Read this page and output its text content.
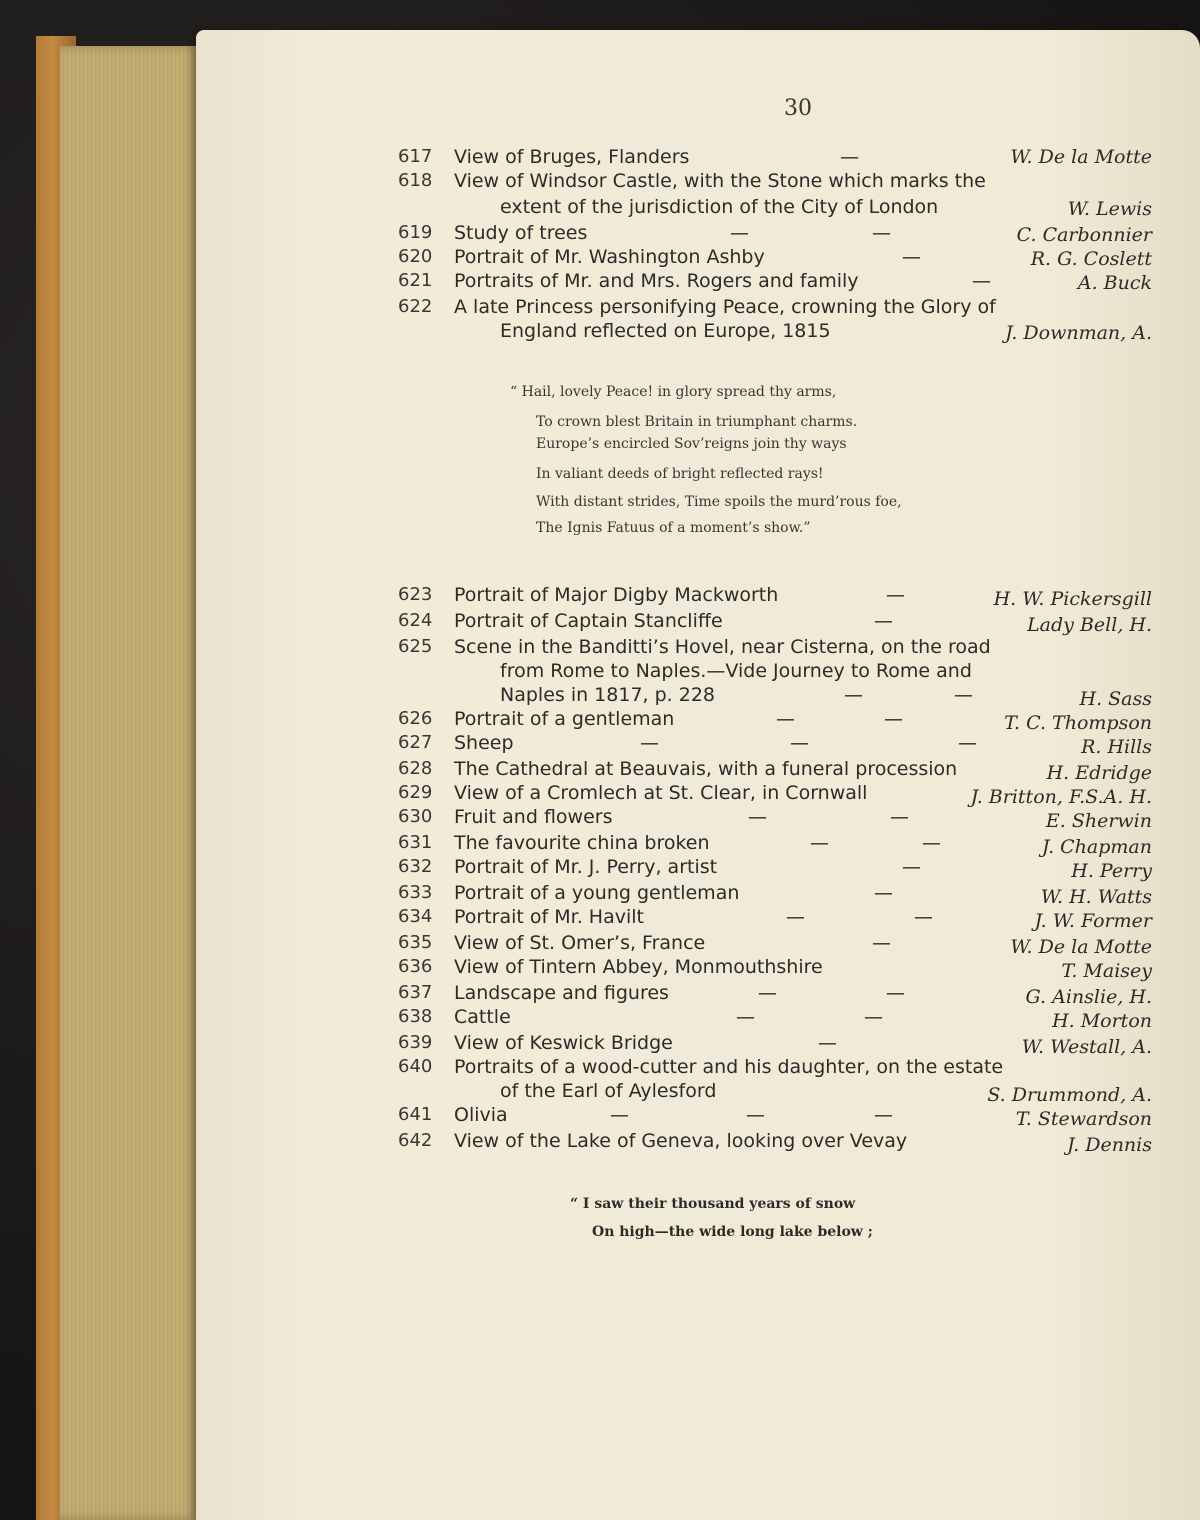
30
617 View of Bruges, Flanders	—	W. De la Motte
618 View of Windsor Castle, with the Stone which marks the
extent of the jurisdiction of the City of London	W. Lewis
619 Study of trees	—	—	C. Carbonnier
620 Portrait of Mr. Washington Ashby	—	R. G. Coslett
621 Portraits of Mr. and Mrs. Rogers and family	—	A. Buck
622 A late Princess personifying Peace, crowning the Glory of
England reflected on Europe, 1815	J. Downman, A.
“ Hail, lovely Peace! in glory spread thy arms,
To crown blest Britain in triumphant charms.
Europe’s encircled Sov’reigns join thy ways
In valiant deeds of bright reflected rays!
With distant strides, Time spoils the murd’rous foe,
The Ignis Fatuus of a moment’s show.”
623 Portrait of Major Digby Mackworth	—	H. W. Pickersgill
624 Portrait of Captain Stancliffe	—	Lady Bell, H.
625 Scene in the Banditti’s Hovel, near Cisterna, on the road
from Rome to Naples.—Vide Journey to Rome and
Naples in 1817, p. 228	—	—	H. Sass
626 Portrait of a gentleman	—	—	T. C. Thompson
627 Sheep	—	—	—	R. Hills
628 The Cathedral at Beauvais, with a funeral procession	H. Edridge
629 View of a Cromlech at St. Clear, in Cornwall	J. Britton, F.S.A. H.
630 Fruit and flowers	—	—	E. Sherwin
631 The favourite china broken	—	—	J. Chapman
632 Portrait of Mr. J. Perry, artist	—	H. Perry
633 Portrait of a young gentleman	—	W. H. Watts
634 Portrait of Mr. Havilt	—	—	J. W. Former
635 View of St. Omer’s, France	—	W. De la Motte
636 View of Tintern Abbey, Monmouthshire	T. Maisey
637 Landscape and figures	—	—	G. Ainslie, H.
638 Cattle	—	—	H. Morton
639 View of Keswick Bridge	—	W. Westall, A.
640 Portraits of a wood-cutter and his daughter, on the estate
of the Earl of Aylesford	S. Drummond, A.
641 Olivia	—	—	—	T. Stewardson
642 View of the Lake of Geneva, looking over Vevay	J. Dennis
“ I saw their thousand years of snow
On high—the wide long lake below ;
